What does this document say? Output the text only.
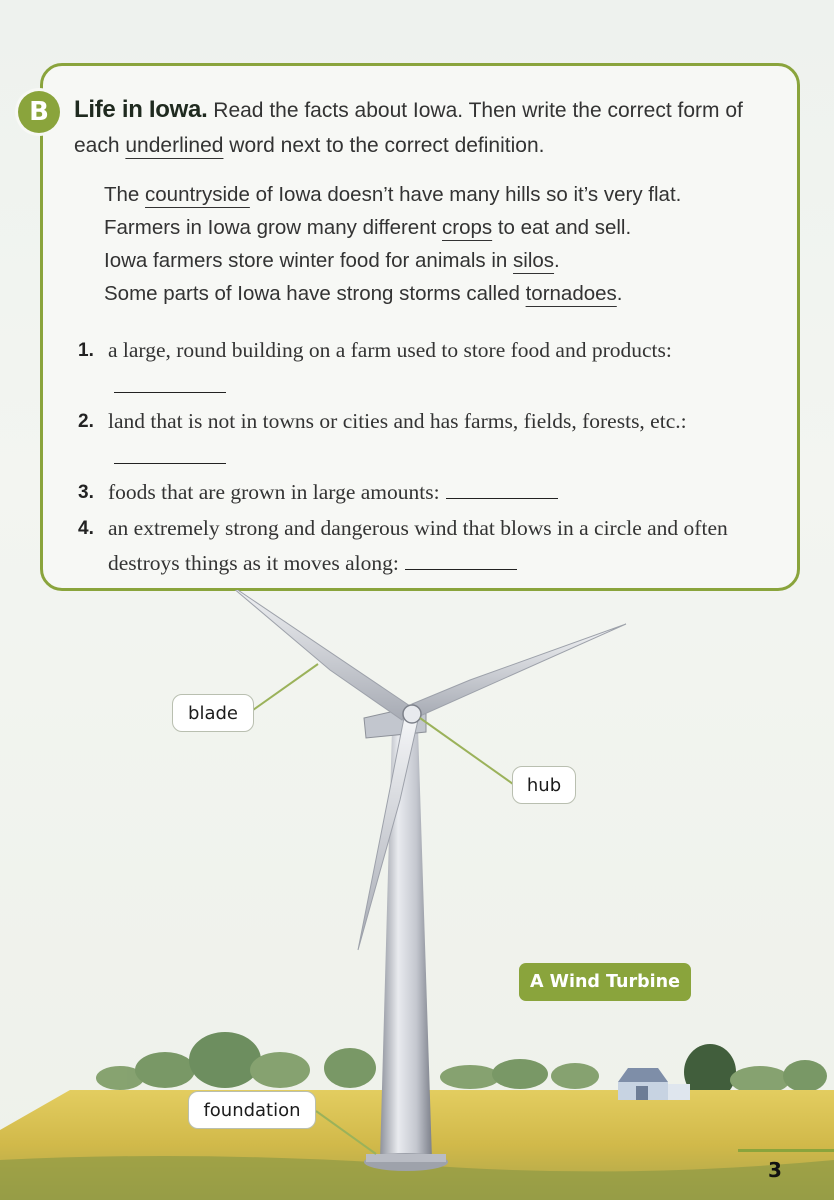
B	Life in Iowa. Read the facts about Iowa. Then write the correct form of each underlined word next to the correct definition.

The countryside of Iowa doesn’t have many hills so it’s very flat.

Farmers in Iowa grow many different crops to eat and sell.

Iowa farmers store winter food for animals in silos.

Some parts of Iowa have strong storms called tornadoes.

1. a large, round building on a farm used to store food and products:
2. land that is not in towns or cities and has farms, fields, forests, etc.:
3. foods that are grown in large amounts:
4. an extremely strong and dangerous wind that blows in a circle and often destroys things as it moves along:
blade
hub
foundation
A Wind Turbine
3
